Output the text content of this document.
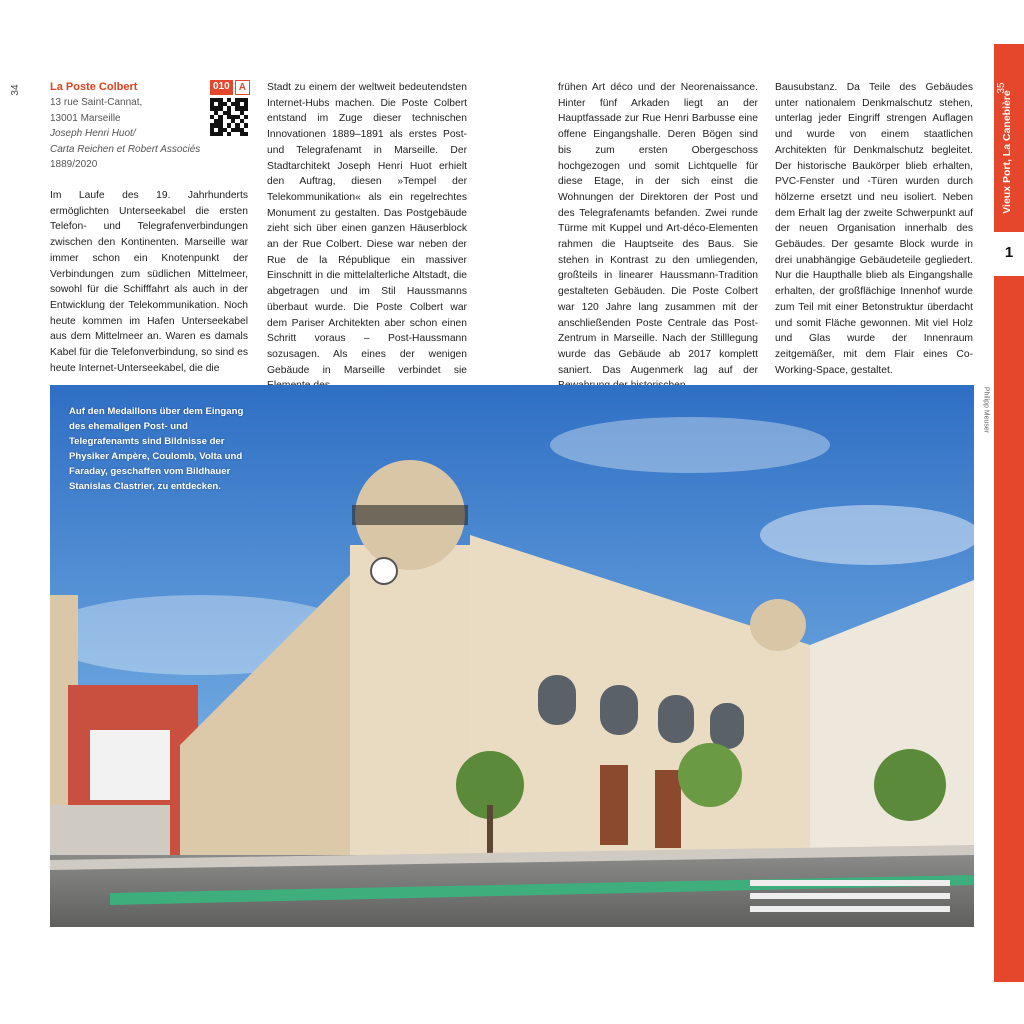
34
1
Vieux Port, La Canebière
35
La Poste Colbert
13 rue Saint-Cannat,
13001 Marseille
Joseph Henri Huot/
Carta Reichen et Robert Associés
1889/2020
010 A

Im Laufe des 19. Jahrhunderts ermöglichten Unterseekabel die ersten Telefon- und Telegrafenverbindungen zwischen den Kontinenten. Marseille war immer schon ein Knotenpunkt der Verbindungen zum südlichen Mittelmeer, sowohl für die Schifffahrt als auch in der Entwicklung der Telekommunikation. Noch heute kommen im Hafen Unterseekabel aus dem Mittelmeer an. Waren es damals Kabel für die Telefonverbindung, so sind es heute Internet-Unterseekabel, die die

Stadt zu einem der weltweit bedeutendsten Internet-Hubs machen. Die Poste Colbert entstand im Zuge dieser technischen Innovationen 1889–1891 als erstes Post- und Telegrafenamt in Marseille. Der Stadtarchitekt Joseph Henri Huot erhielt den Auftrag, diesen »Tempel der Telekommunikation« als ein regelrechtes Monument zu gestalten. Das Postgebäude zieht sich über einen ganzen Häuserblock an der Rue Colbert. Diese war neben der Rue de la République ein massiver Einschnitt in die mittelalterliche Altstadt, die abgetragen und im Stil Haussmanns überbaut wurde. Die Poste Colbert war dem Pariser Architekten aber schon einen Schritt voraus – Post-Haussmann sozusagen. Als eines der wenigen Gebäude in Marseille verbindet sie

frühen Art déco und der Neorenaissance. Hinter fünf Arkaden liegt an der Hauptfassade zur Rue Henri Barbusse eine offene Eingangshalle. Deren Bögen sind bis zum ersten Obergeschoss hochgezogen und somit Lichtquelle für diese Etage, in der sich einst die Wohnungen der Direktoren der Post und des Telegrafenamts befanden. Zwei runde Türme mit Kuppel und Art-déco-Elementen rahmen die Hauptseite des Baus. Sie stehen in Kontrast zu den umliegenden, großteils in linearer Haussmann-Tradition gestalteten Gebäuden. Die Poste Colbert war 120 Jahre lang zusammen mit der anschließenden Poste Centrale das Post-Zentrum in Marseille. Nach der Stilllegung wurde das Gebäude ab 2017 komplett saniert. Das Augenmerk lag auf der

Bausubstanz. Da Teile des Gebäudes unter nationalem Denkmalschutz stehen, unterlag jeder Eingriff strengen Auflagen und wurde von einem staatlichen Architekten für Denkmalschutz begleitet. Der historische Baukörper blieb erhalten, PVC-Fenster und -Türen wurden durch hölzerne ersetzt und neu isoliert. Neben dem Erhalt lag der zweite Schwerpunkt auf der neuen Organisation innerhalb des Gebäudes. Der gesamte Block wurde in drei unabhängige Gebäudeteile gegliedert. Nur die Haupthalle blieb als Eingangshalle erhalten, der großflächige Innenhof wurde zum Teil mit einer Betonstruktur überdacht und somit Fläche gewonnen. Mit viel Holz und Glas wurde der Innenraum zeitgemäßer, mit dem Flair eines Co-Working-Space, gestaltet.

Auf den Medaillons über dem Eingang des ehemaligen Post- und Telegrafenamts sind Bildnisse der Physiker Ampère, Coulomb, Volta und Faraday, geschaffen vom Bildhauer Stanislas Clastrier, zu entdecken.
Philipp Meuser
